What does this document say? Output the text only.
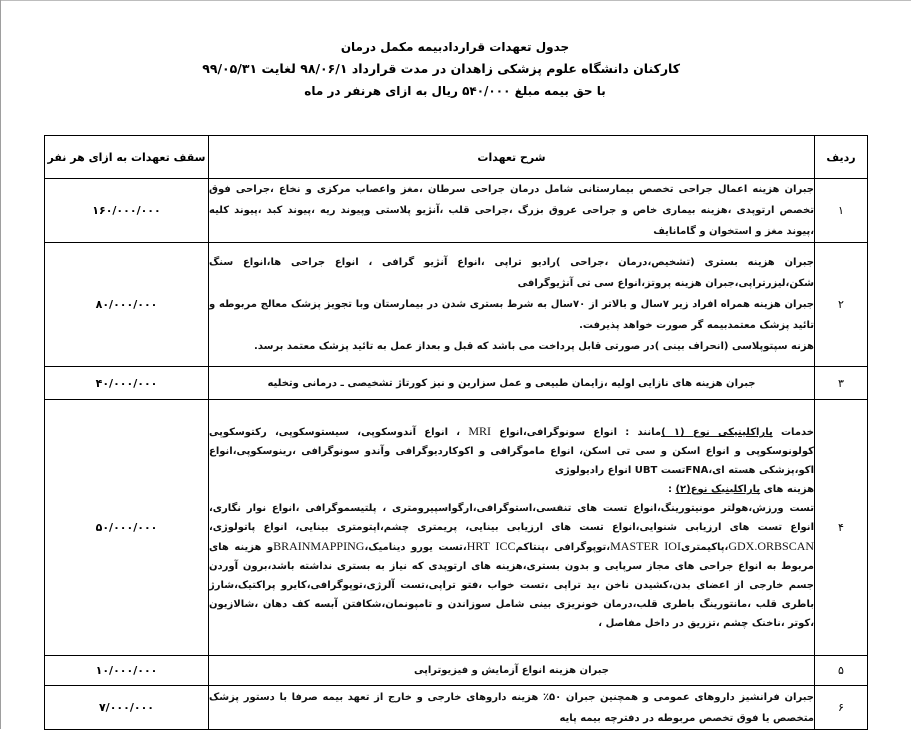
جدول تعهدات قراردادبیمه مکمل درمان
کارکنان دانشگاه علوم پزشکی زاهدان در مدت قرارداد ۹۸/۰۶/۱ لغایت ۹۹/۰۵/۳۱
با حق بیمه مبلغ ۵۴۰/۰۰۰ ریال به ازای هرنفر در ماه
ردیف	شرح تعهدات	سقف تعهدات به ازای هر نفر
۱	جبران هزینه اعمال جراحی تخصص بیمارستانی شامل درمان جراحی سرطان ،مغز واعصاب مرکزی و نخاع ،جراحی فوق تخصص ارتوپدی ،هزینه بیماری خاص و جراحی عروق بزرگ ،جراحی قلب ،آنژیو پلاستی وپیوند ریه ،پیوند کبد ،پیوند کلیه ،پیوند مغز و استخوان و گامانایف	۱۶۰/۰۰۰/۰۰۰
۲	جبران هزینه بستری (تشخیص،درمان ،جراحی )رادیو تراپی ،انواع آنژیو گرافی ، انواع جراحی ها،انواع سنگ شکن،لیزرتراپی،جبران هزینه پروتز،انواع سی تی آنژیوگرافی

جبران هزینه همراه افراد زیر ۷سال و بالاتر از ۷۰سال به شرط بستری شدن در بیمارستان وبا تجویز پزشک معالج مربوطه و تائید پزشک معتمدبیمه گر صورت خواهد پذیرفت.

هزنه سپتوپلاسی (انحراف بینی )در صورتی قابل پرداخت می باشد که قبل و بعداز عمل به تائید پزشک معتمد برسد.	۸۰/۰۰۰/۰۰۰
۳	جبران هزینه های نازایی اولیه ،زایمان طبیعی و عمل سزارین و نیز کورتاژ تشخیصی ـ درمانی وتخلیه	۴۰/۰۰۰/۰۰۰
۴	خدمات پاراکلینیکی نوع (۱ )مانند : انواع سونوگرافی،انواع MRI ، انواع آندوسکوپی، سیستوسکوپی، رکتوسکوپی کولونوسکوپی و انواع اسکن و سی تی اسکن، انواع ماموگرافی و اکوکاردیوگرافی وآندو سونوگرافی ،رینوسکوپی،انواع اکو،پزشکی هسته ای،FNAتست UBT انواع رادیولوژی

هزینه های پاراکلینیک نوع(۲) :

تست ورزش،هولتر مونیتورینگ،انواع تست های تنفسی،استوگرافی،ارگواسپیرومتری ، پلتیسموگرافی ،انواع نوار نگاری، انواع تست های ارزیابی شنوایی،انواع تست های ارزیابی بینایی، پریمتری چشم،اپتومتری بینایی، انواع پاتولوژی، GDX.ORBSCAN،پاکیمتریMASTER IOI،توپوگرافی ،پنتاکمHRT ICC،تست یورو دینامیک،BRAINMAPPINGو هزینه های مربوط به انواع جراحی های مجاز سرپایی و بدون بستری،هزینه های ارتوپدی که نیاز به بستری نداشته باشد،برون آوردن جسم خارجی از اعضای بدن،کشیدن ناخن ،ید تراپی ،تست خواب ،فتو تراپی،تست آلرژی،توپوگرافی،کایرو پراکتیک،شارژ باطری قلب ،مانتورینگ باطری قلب،درمان خونریزی بینی شامل سوزاندن و تامپونمان،شکافتن آبسه کف دهان ،شالازیون ،کوتر ،ناخنک چشم ،تزریق در داخل مفاصل ،	۵۰/۰۰۰/۰۰۰
۵	جبران هزینه انواع آزمایش و فیزیوتراپی	۱۰/۰۰۰/۰۰۰
۶	جبران فرانشیز داروهای عمومی و همچنین جبران ۵۰٪ هزینه داروهای خارجی و خارج از تعهد بیمه صرفا با دستور پزشک متخصص یا فوق تخصص مربوطه در دفترچه بیمه پایه	۷/۰۰۰/۰۰۰
